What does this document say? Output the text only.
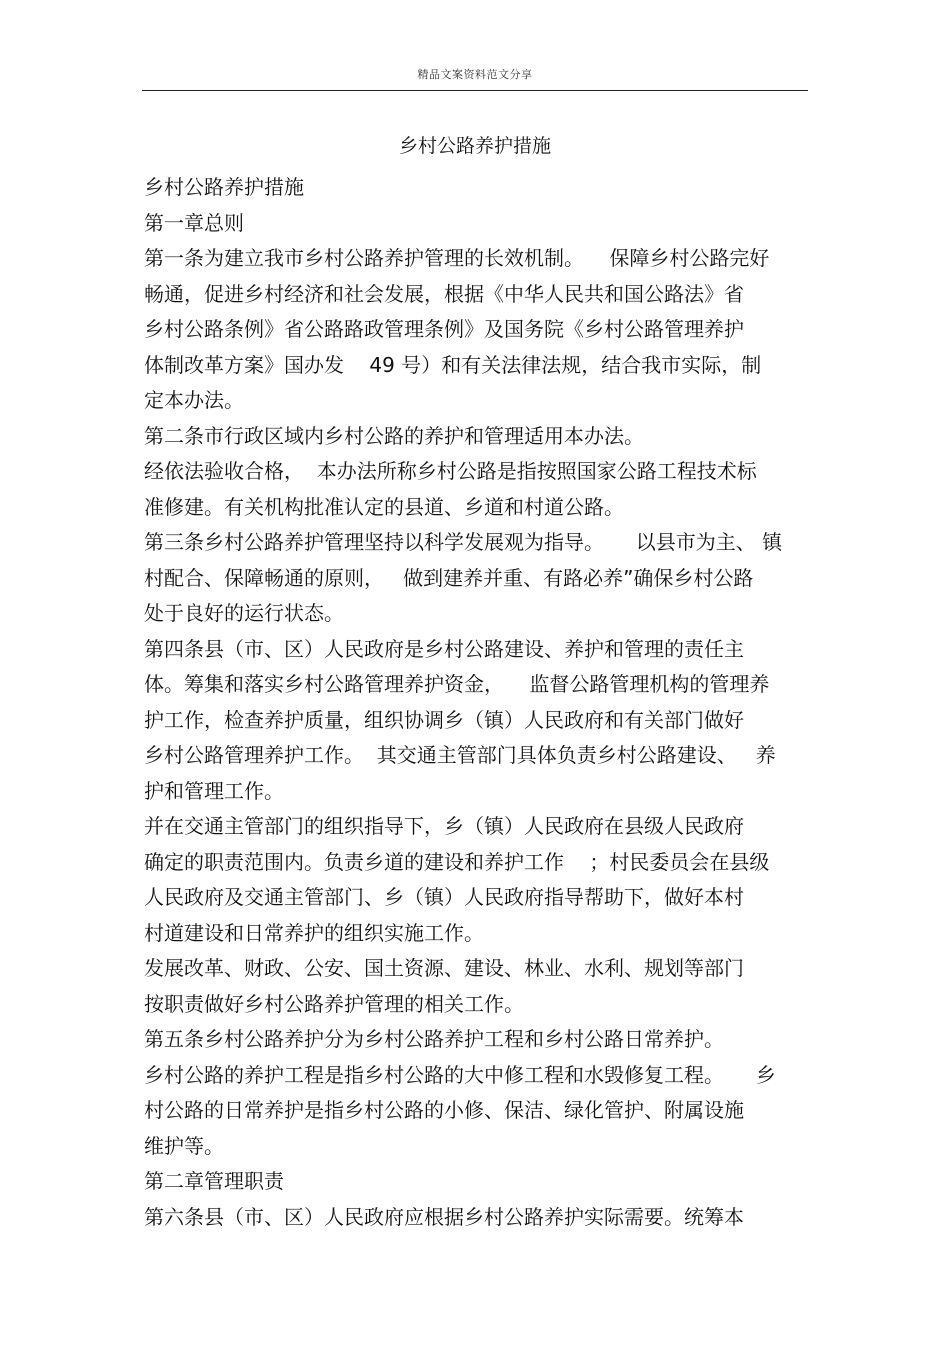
精品文案资料范文分享
乡村公路养护措施
乡村公路养护措施
第一章总则
第一条为建立我市乡村公路养护管理的长效机制。    保障乡村公路完好
畅通，促进乡村经济和社会发展，根据《中华人民共和国公路法》省
乡村公路条例》省公路路政管理条例》及国务院《乡村公路管理养护
体制改革方案》国办发    49 号）和有关法律法规，结合我市实际，制
定本办法。
第二条市行政区域内乡村公路的养护和管理适用本办法。
经依法验收合格，  本办法所称乡村公路是指按照国家公路工程技术标
准修建。有关机构批准认定的县道、乡道和村道公路。
第三条乡村公路养护管理坚持以科学发展观为指导。     以县市为主、 镇
村配合、保障畅通的原则，   做到建养并重、有路必养”确保乡村公路
处于良好的运行状态。
第四条县（市、区）人民政府是乡村公路建设、养护和管理的责任主
体。筹集和落实乡村公路管理养护资金，    监督公路管理机构的管理养
护工作，检查养护质量，组织协调乡（镇）人民政府和有关部门做好
乡村公路管理养护工作。  其交通主管部门具体负责乡村公路建设、   养
护和管理工作。
并在交通主管部门的组织指导下，乡（镇）人民政府在县级人民政府
确定的职责范围内。负责乡道的建设和养护工作    ；村民委员会在县级
人民政府及交通主管部门、乡（镇）人民政府指导帮助下，做好本村
村道建设和日常养护的组织实施工作。
发展改革、财政、公安、国土资源、建设、林业、水利、规划等部门
按职责做好乡村公路养护管理的相关工作。
第五条乡村公路养护分为乡村公路养护工程和乡村公路日常养护。
乡村公路的养护工程是指乡村公路的大中修工程和水毁修复工程。     乡
村公路的日常养护是指乡村公路的小修、保洁、绿化管护、附属设施
维护等。
第二章管理职责
第六条县（市、区）人民政府应根据乡村公路养护实际需要。统筹本
